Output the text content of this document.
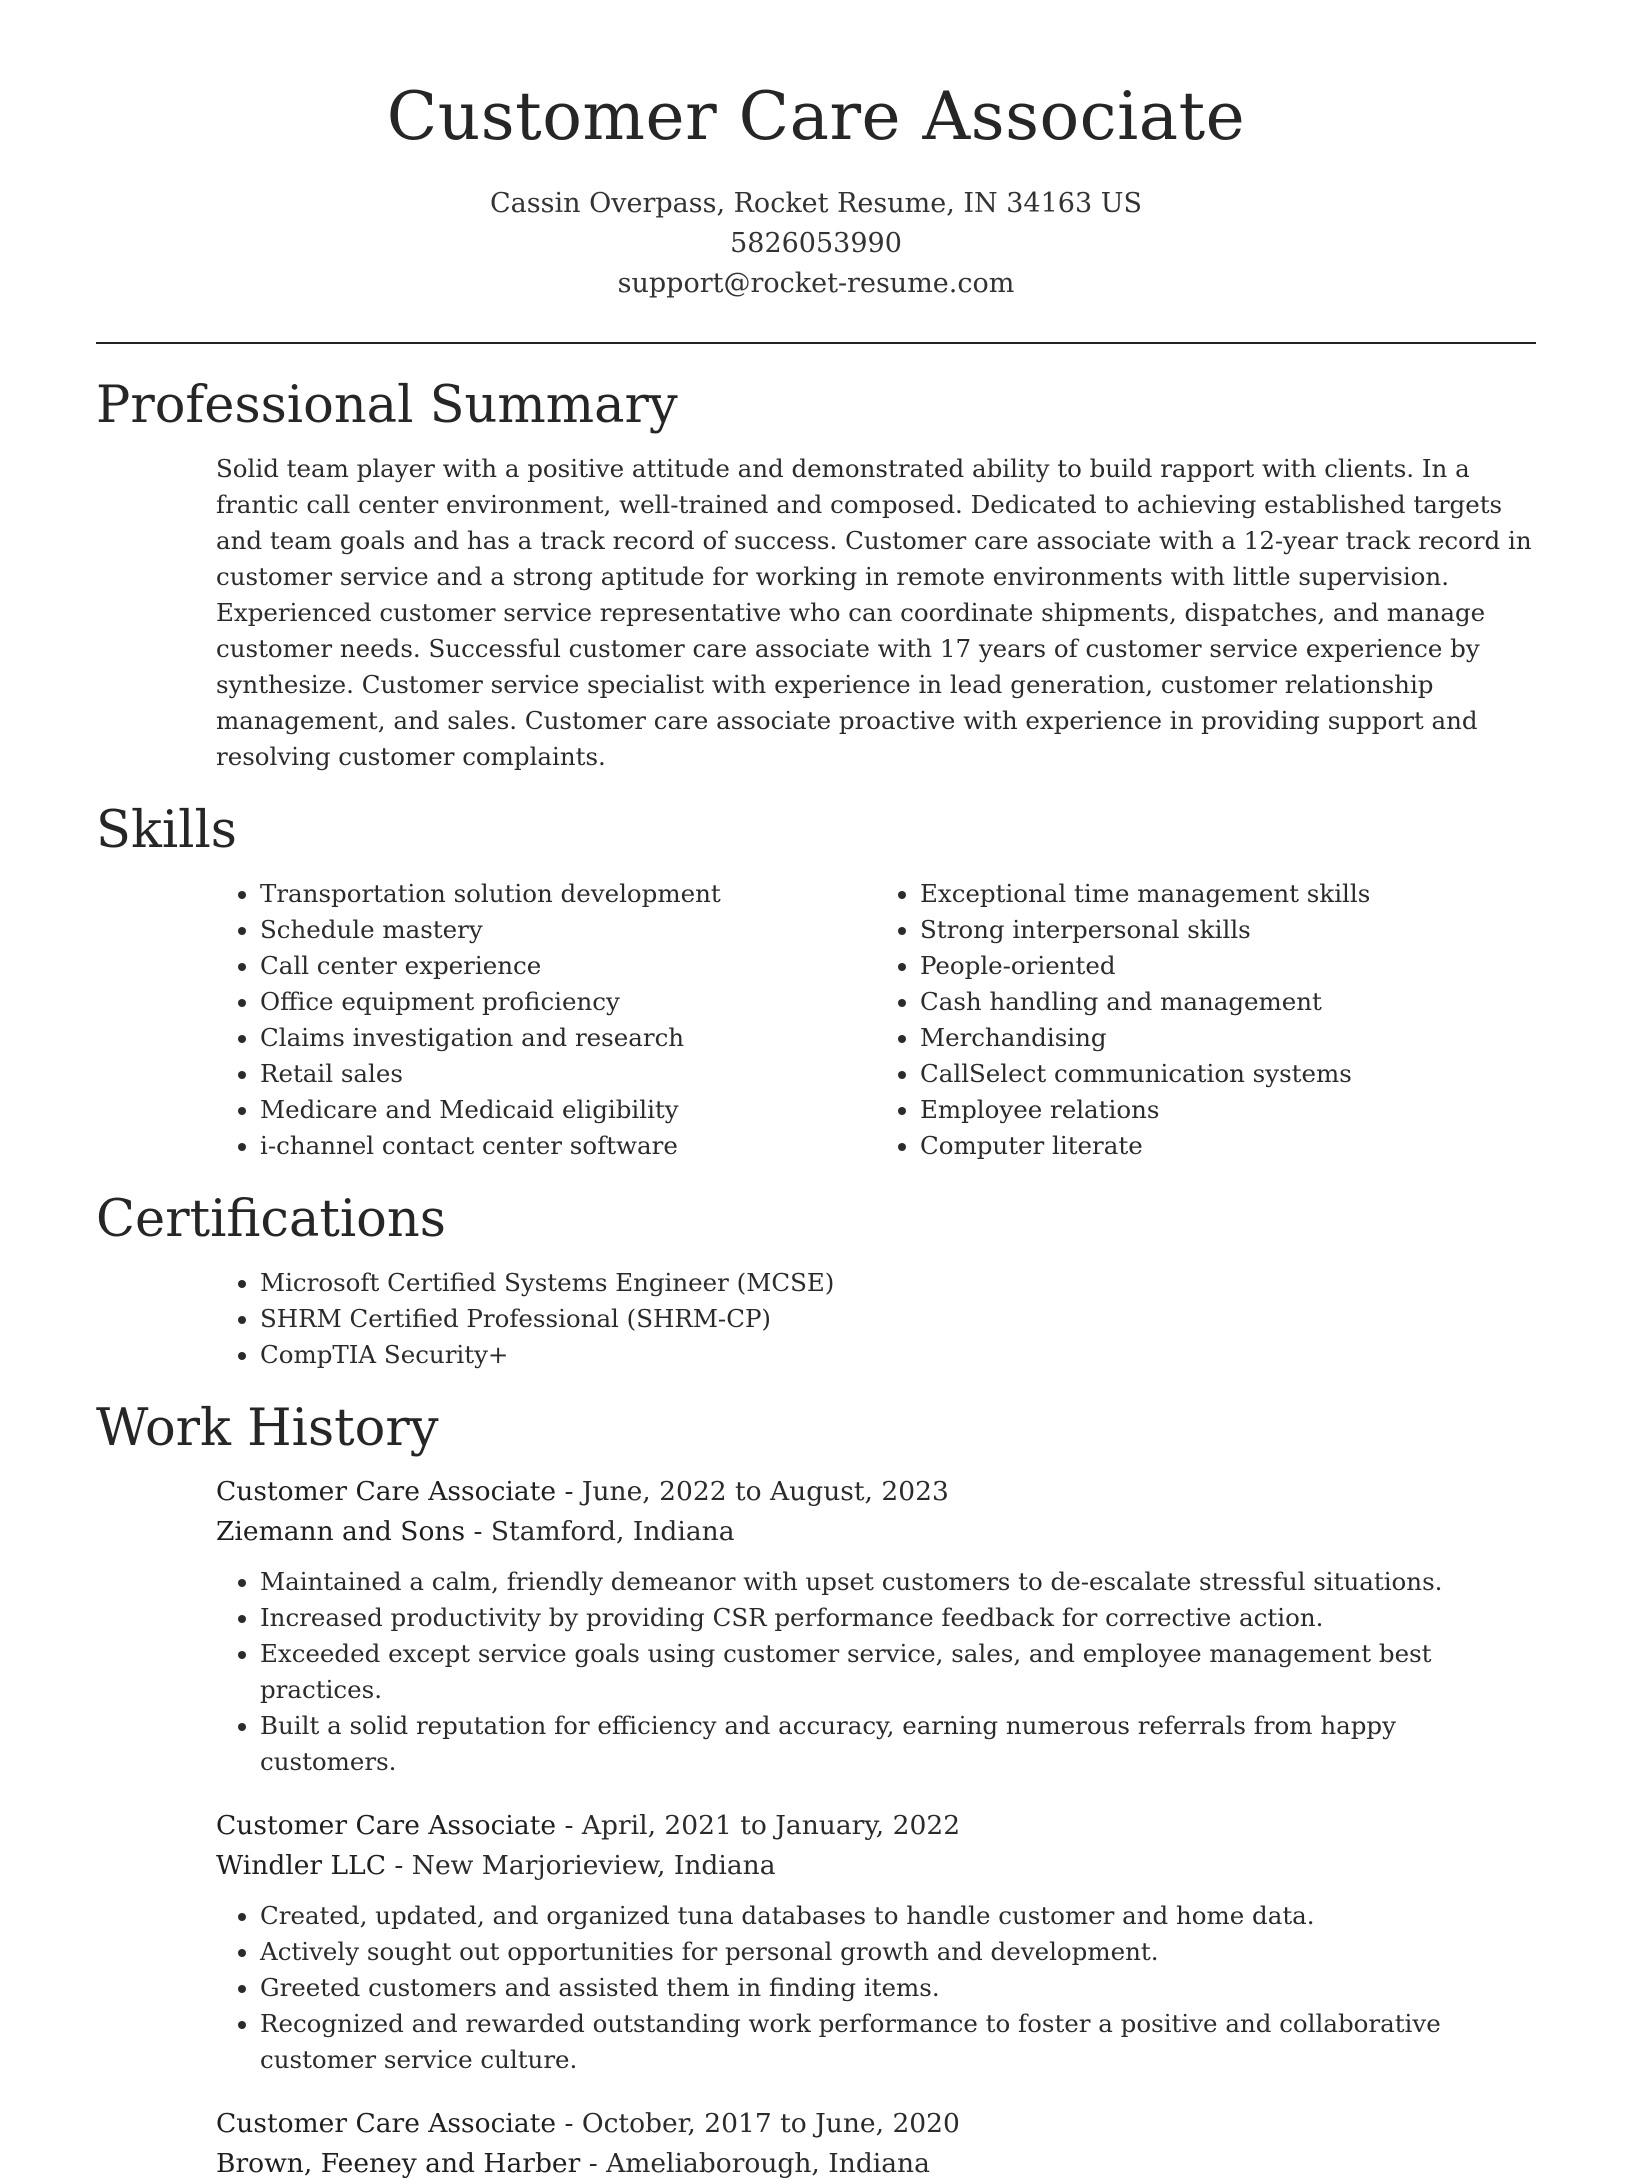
Customer Care Associate
Cassin Overpass, Rocket Resume, IN 34163 US
5826053990
support@rocket-resume.com
Professional Summary

Solid team player with a positive attitude and demonstrated ability to build rapport with clients. In a frantic call center environment, well-trained and composed. Dedicated to achieving established targets and team goals and has a track record of success. Customer care associate with a 12-year track record in customer service and a strong aptitude for working in remote environments with little supervision. Experienced customer service representative who can coordinate shipments, dispatches, and manage customer needs. Successful customer care associate with 17 years of customer service experience by synthesize. Customer service specialist with experience in lead generation, customer relationship management, and sales. Customer care associate proactive with experience in providing support and resolving customer complaints.

Skills
• Transportation solution development
• Schedule mastery
• Call center experience
• Office equipment proficiency
• Claims investigation and research
• Retail sales
• Medicare and Medicaid eligibility
• i-channel contact center software
• Exceptional time management skills
• Strong interpersonal skills
• People-oriented
• Cash handling and management
• Merchandising
• CallSelect communication systems
• Employee relations
• Computer literate
Certifications
• Microsoft Certified Systems Engineer (MCSE)
• SHRM Certified Professional (SHRM-CP)
• CompTIA Security+
Work History
Customer Care Associate - June, 2022 to August, 2023
Ziemann and Sons - Stamford, Indiana
• Maintained a calm, friendly demeanor with upset customers to de-escalate stressful situations.
• Increased productivity by providing CSR performance feedback for corrective action.
• Exceeded except service goals using customer service, sales, and employee management best practices.
• Built a solid reputation for efficiency and accuracy, earning numerous referrals from happy customers.
Customer Care Associate - April, 2021 to January, 2022
Windler LLC - New Marjorieview, Indiana
• Created, updated, and organized tuna databases to handle customer and home data.
• Actively sought out opportunities for personal growth and development.
• Greeted customers and assisted them in finding items.
• Recognized and rewarded outstanding work performance to foster a positive and collaborative customer service culture.
Customer Care Associate - October, 2017 to June, 2020
Brown, Feeney and Harber - Ameliaborough, Indiana
